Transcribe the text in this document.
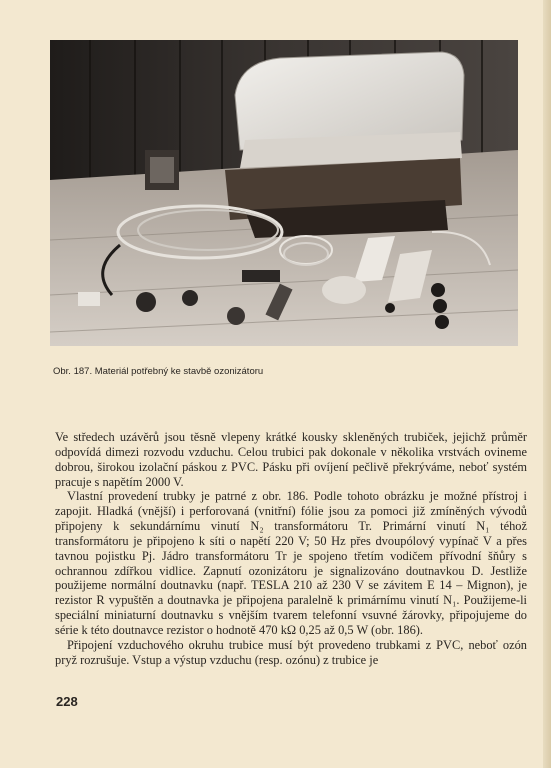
Obr. 187. Materiál potřebný ke stavbě ozonizátoru

Ve středech uzávěrů jsou těsně vlepeny krátké kousky skleněných trubiček, jejichž průměr odpovídá dimezi rozvodu vzduchu. Celou trubici pak dokonale v několika vrstvách ovineme dobrou, širokou izolační páskou z PVC. Pásku při ovíjení pečlivě překrýváme, neboť systém pracuje s napětím 2000 V.

Vlastní provedení trubky je patrné z obr. 186. Podle tohoto obrázku je možné přístroj i zapojit. Hladká (vnější) i perforovaná (vnitřní) fólie jsou za pomoci již zmíněných vývodů připojeny k sekundárnímu vinutí N₂ transformátoru Tr. Primární vinutí N₁ téhož transformátoru je připojeno k síti o napětí 220 V; 50 Hz přes dvoupólový vypínač V a přes tavnou pojistku Pj. Jádro transformátoru Tr je spojeno třetím vodičem přívodní šňůry s ochrannou zdířkou vidlice. Zapnutí ozonizátoru je signalizováno doutnavkou D. Jestliže použijeme normální doutnavku (např. TESLA 210 až 230 V se závitem E 14 – Mignon), je rezistor R vypuštěn a doutnavka je připojena paralelně k primárnímu vinutí N₁. Použijeme-li speciální miniaturní doutnavku s vnějším tvarem telefonní vsuvné žárovky, připojujeme do série k této doutnavce rezistor o hodnotě 470 kΩ 0,25 až 0,5 W (obr. 186).

Připojení vzduchového okruhu trubice musí být provedeno trubkami z PVC, neboť ozón pryž rozrušuje. Vstup a výstup vzduchu (resp. ozónu) z trubice je

228
